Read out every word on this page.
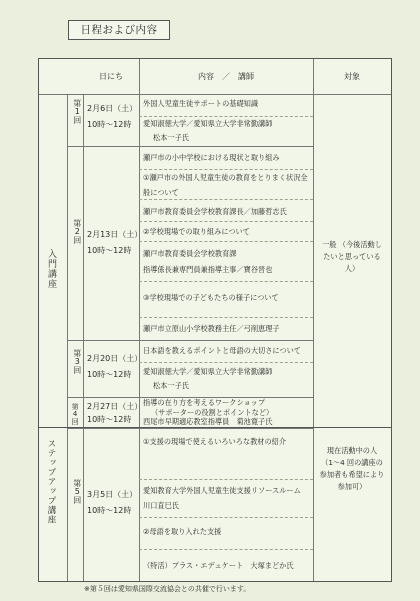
日程および内容
日にち	内容　／　講師	対象
入門講座
ステップアップ講座
第1回 2月6日（土）
10時〜12時
外国人児童生徒サポートの基礎知識
愛知淑徳大学／愛知県立大学非常勤講師
松本一子氏
第2回 2月13日（土）
10時〜12時
瀬戸市の小中学校における現状と取り組み
①瀬戸市の外国人児童生徒の教育をとりまく状況全般について
瀬戸市教育委員会学校教育課長／加藤哲志氏
②学校現場での取り組みについて
瀬戸市教育委員会学校教育課
指導係長兼専門員兼指導主事／寶谷晋也
③学校現場での子どもたちの様子について
瀬戸市立原山小学校教務主任／弓削恵理子
第3回 2月20日（土）
10時〜12時
日本語を教えるポイントと母語の大切さについて
愛知淑徳大学／愛知県立大学非常勤講師
松本一子氏
第4回 2月27日（土）
10時〜12時
指導の在り方を考えるワークショップ
（サポーターの役割とポイントなど）
西尾市早期適応教室指導員　菊池寛子氏
第5回 3月5日（土）
10時〜12時
①支援の現場で使えるいろいろな教材の紹介
愛知教育大学外国人児童生徒支援リソースルーム
川口直巳氏
②母語を取り入れた支援
（特活）プラス・エデュケート　大塚まどか氏
一般 （今後活動したいと思っている人）
現在活動中の人 （1〜4 回の講座の参加者も希望により参加可）
※第５回は愛知県国際交流協会との共催で行います。
